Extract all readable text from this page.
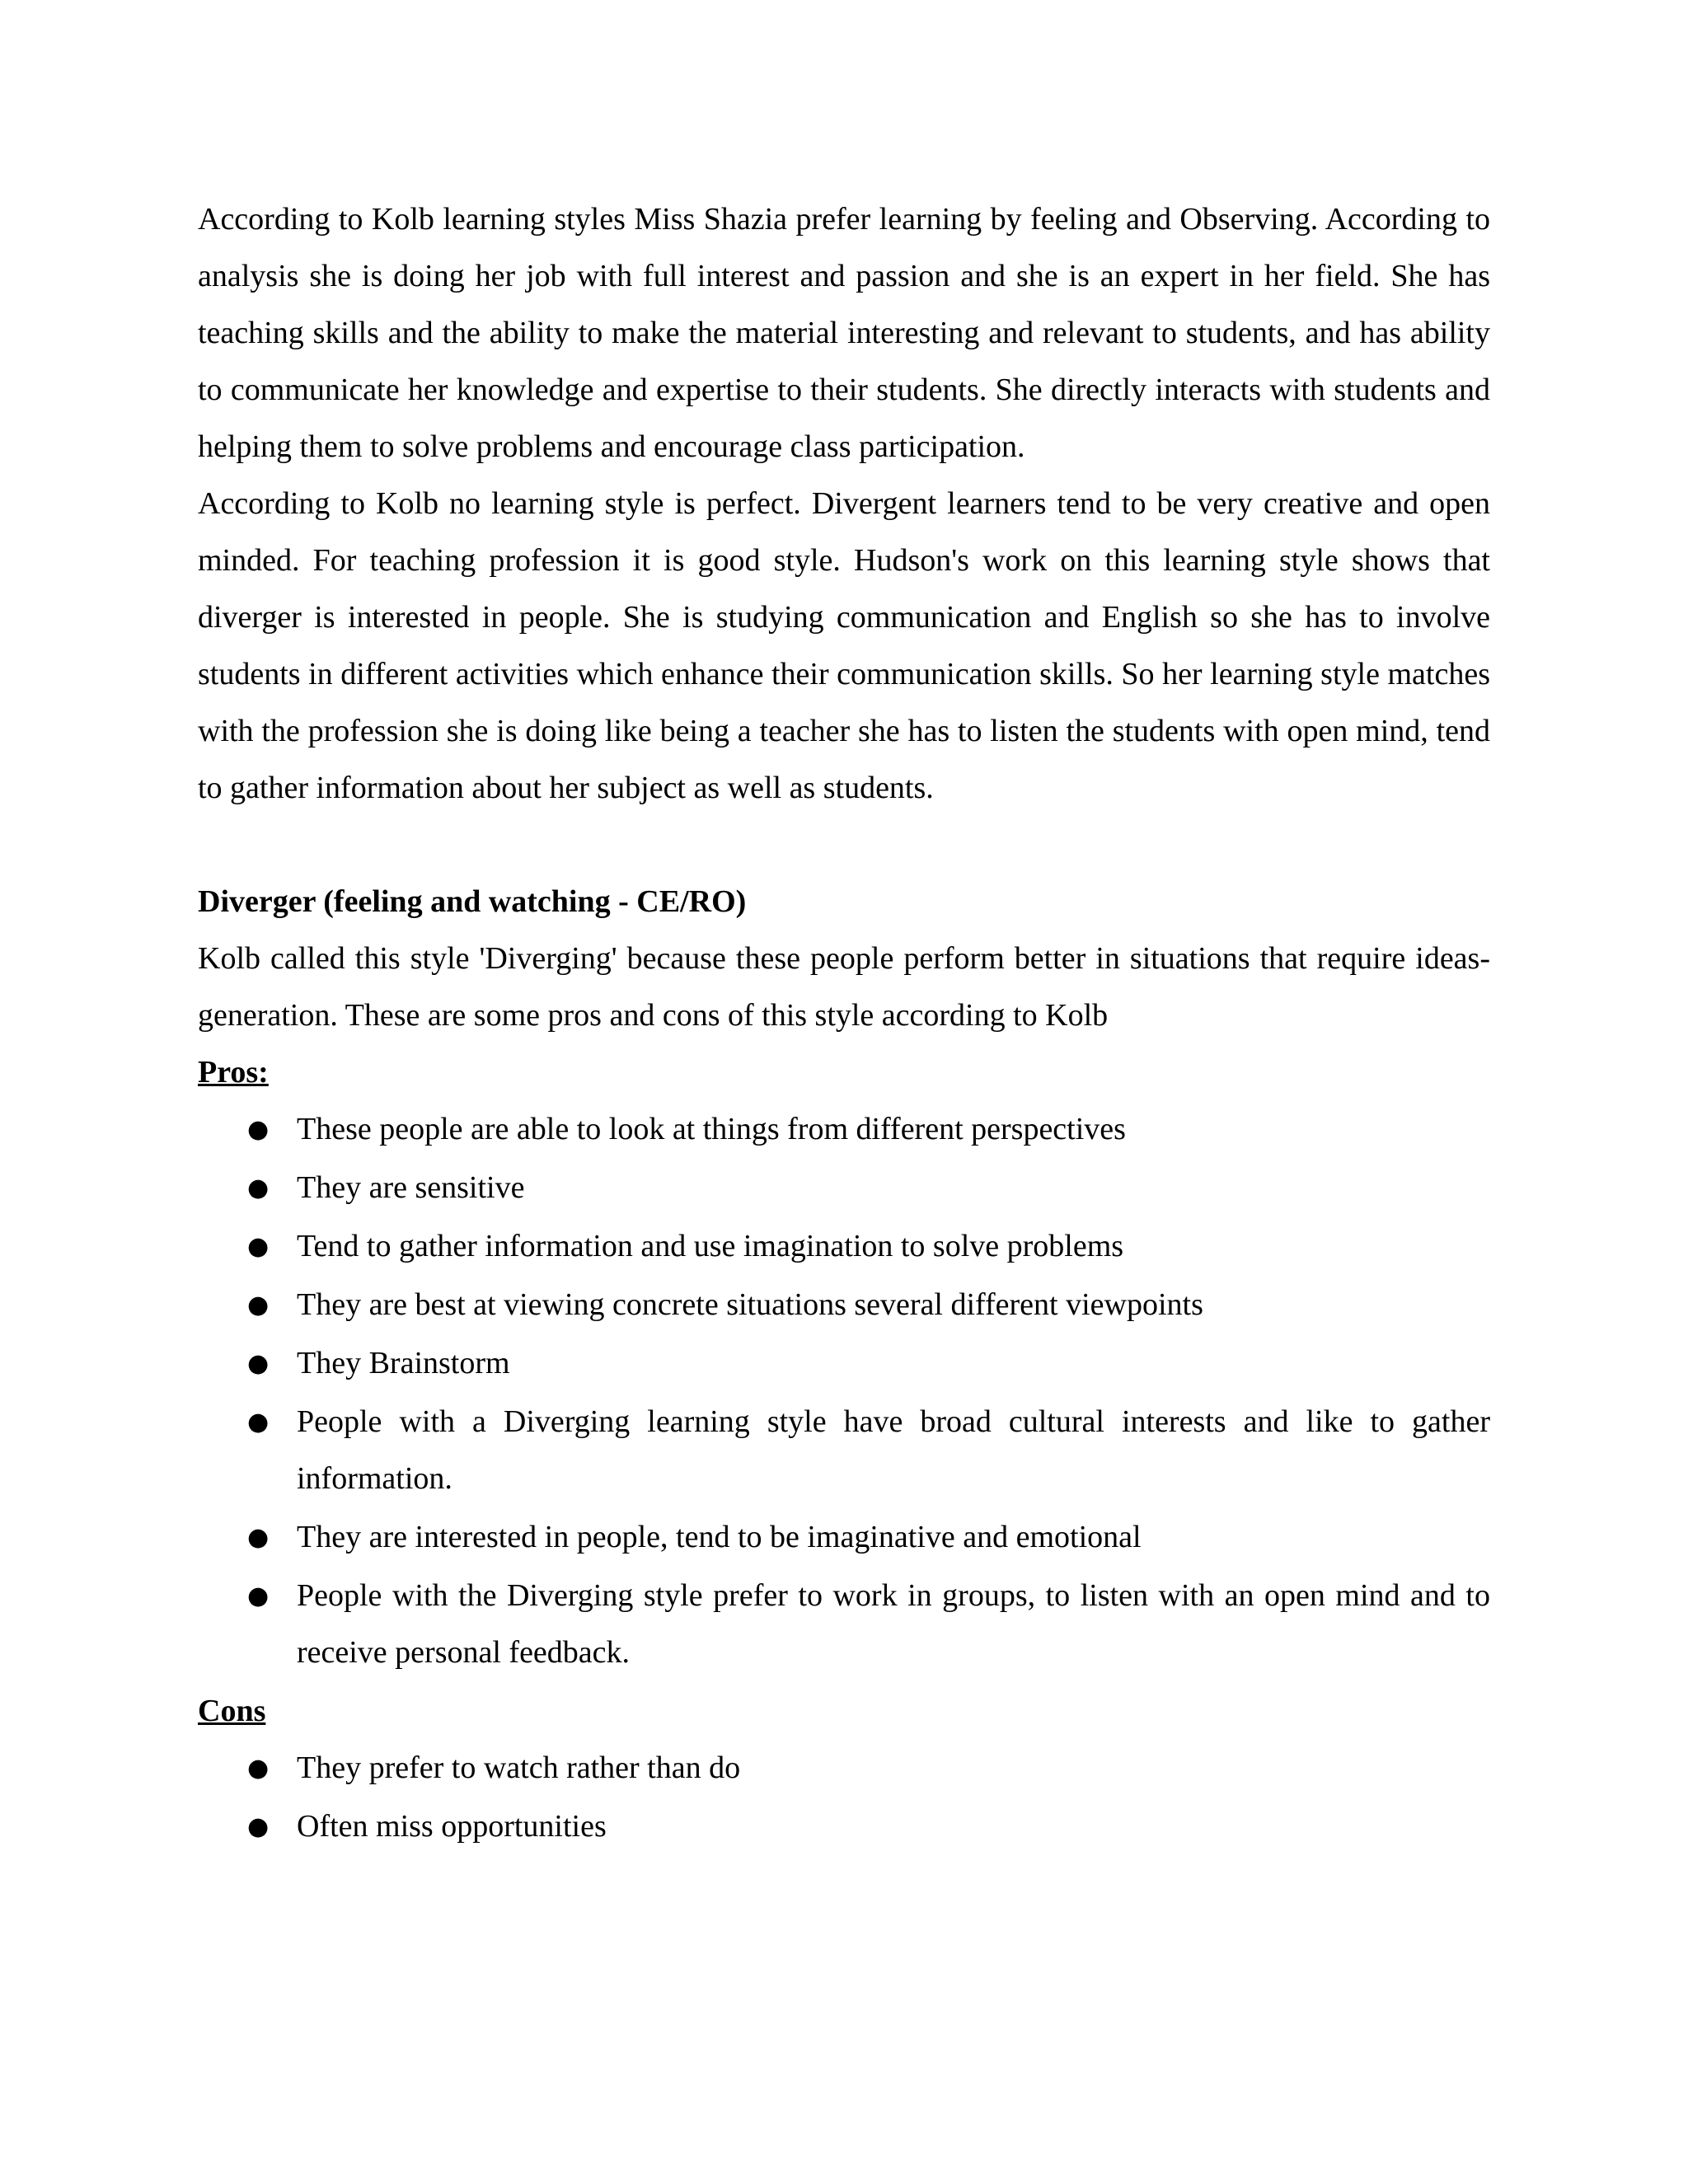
According to Kolb learning styles Miss Shazia prefer learning by feeling and Observing. According to analysis she is doing her job with full interest and passion and she is an expert in her field. She has teaching skills and the ability to make the material interesting and relevant to students, and has ability to communicate her knowledge and expertise to their students. She directly interacts with students and helping them to solve problems and encourage class participation.

According to Kolb no learning style is perfect. Divergent learners tend to be very creative and open minded. For teaching profession it is good style. Hudson's work on this learning style shows that diverger is interested in people. She is studying communication and English so she has to involve students in different activities which enhance their communication skills. So her learning style matches with the profession she is doing like being a teacher she has to listen the students with open mind, tend to gather information about her subject as well as students.

Diverger (feeling and watching - CE/RO)

Kolb called this style 'Diverging' because these people perform better in situations that require ideas-generation. These are some pros and cons of this style according to Kolb

Pros:

● These people are able to look at things from different perspectives
● They are sensitive
● Tend to gather information and use imagination to solve problems
● They are best at viewing concrete situations several different viewpoints
● They Brainstorm
● People with a Diverging learning style have broad cultural interests and like to gather information.
● They are interested in people, tend to be imaginative and emotional
● People with the Diverging style prefer to work in groups, to listen with an open mind and to receive personal feedback.

Cons

● They prefer to watch rather than do
● Often miss opportunities
